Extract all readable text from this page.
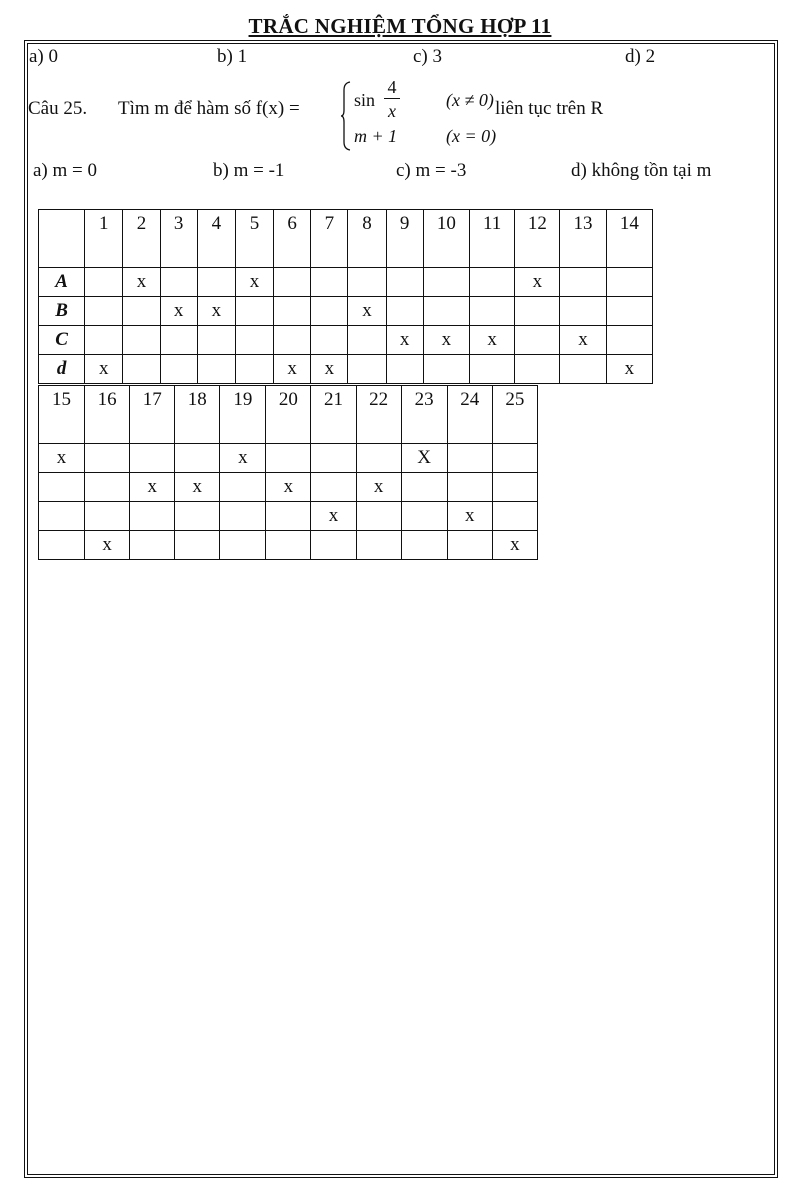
TRẮC NGHIỆM TỔNG HỢP 11
a) 0	b) 1	c) 3	d) 2
Câu 25. Tìm m để hàm số f(x) =	sin
4
x
(x ≠ 0)
m + 1	(x = 0)
liên tục trên R
a) m = 0	b) m = -1	c) m = -3	d) không tồn tại m
	1	2	3	4	5	6	7	8	9	10	11	12	13	14
A		x			x							x		
B			x	x				x						
C									x	x	x		x	
d	x					x	x							x
15	16	17	18	19	20	21	22	23	24	25
x				x				X		
		x	x		x		x			
						x			x	
	x									x
